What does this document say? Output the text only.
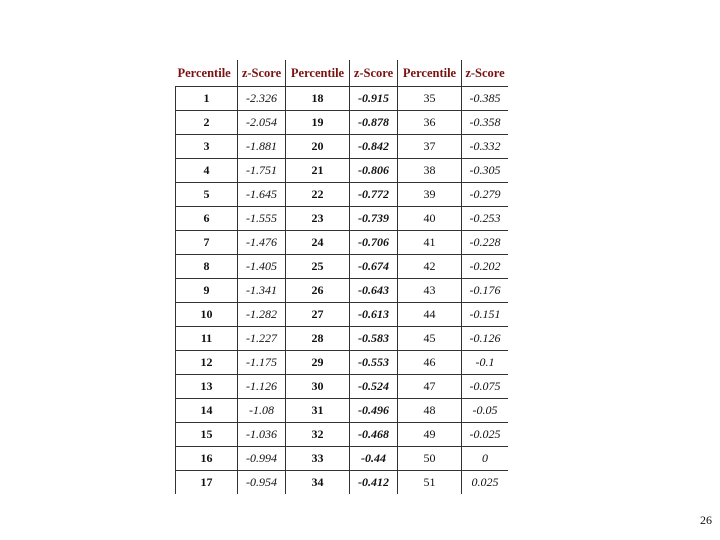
Percentile	z-Score	Percentile	z-Score	Percentile	z-Score
1	-2.326	18	-0.915	35	-0.385
2	-2.054	19	-0.878	36	-0.358
3	-1.881	20	-0.842	37	-0.332
4	-1.751	21	-0.806	38	-0.305
5	-1.645	22	-0.772	39	-0.279
6	-1.555	23	-0.739	40	-0.253
7	-1.476	24	-0.706	41	-0.228
8	-1.405	25	-0.674	42	-0.202
9	-1.341	26	-0.643	43	-0.176
10	-1.282	27	-0.613	44	-0.151
11	-1.227	28	-0.583	45	-0.126
12	-1.175	29	-0.553	46	-0.1
13	-1.126	30	-0.524	47	-0.075
14	-1.08	31	-0.496	48	-0.05
15	-1.036	32	-0.468	49	-0.025
16	-0.994	33	-0.44	50	0
17	-0.954	34	-0.412	51	0.025
26
